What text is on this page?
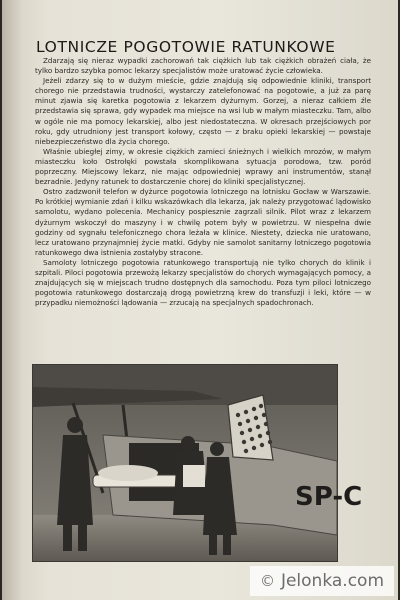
LOTNICZE POGOTOWIE RATUNKOWE

Zdarzają się nieraz wypadki zachorowań tak ciężkich lub tak ciężkich obrażeń ciała, że tylko bardzo szybka pomoc lekarzy specjalistów może uratować życie człowieka.

Jeżeli zdarzy się to w dużym mieście, gdzie znajdują się odpowiednie kliniki, transport chorego nie przedstawia trudności, wystarczy zatelefonować na pogotowie, a już za parę minut zjawia się karetka pogotowia z lekarzem dyżurnym. Gorzej, a nieraz całkiem źle przedstawia się sprawa, gdy wypadek ma miejsce na wsi lub w małym miasteczku. Tam, albo w ogóle nie ma pomocy lekarskiej, albo jest niedostateczna. W okresach przejściowych por roku, gdy utrudniony jest transport kołowy, często — z braku opieki lekarskiej — powstaje niebezpieczeństwo dla życia chorego.

Właśnie ubiegłej zimy, w okresie ciężkich zamieci śnieżnych i wielkich mrozów, w małym miasteczku koło Ostrołęki powstała skomplikowana sytuacja porodowa, tzw. poród poprzeczny. Miejscowy lekarz, nie mając odpowiedniej wprawy ani instrumentów, stanął bezradnie. Jedyny ratunek to dostarczenie chorej do kliniki specjalistycznej.

Ostro zadzwonił telefon w dyżurce pogotowia lotniczego na lotnisku Gocław w Warszawie. Po krótkiej wymianie zdań i kilku wskazówkach dla lekarza, jak należy przygotować lądowisko samolotu, wydano polecenia. Mechanicy pospiesznie zagrzali silnik. Pilot wraz z lekarzem dyżurnym wskoczył do maszyny i w chwilę potem były w powietrzu. W niespełna dwie godziny od sygnału telefonicznego chora leżała w klinice. Niestety, dziecka nie uratowano, lecz uratowano przynajmniej życie matki. Gdyby nie samolot sanitarny lotniczego pogotowia ratunkowego dwa istnienia zostałyby stracone.

Samoloty lotniczego pogotowia ratunkowego transportują nie tylko chorych do klinik i szpitali. Piloci pogotowia przewożą lekarzy specjalistów do chorych wymagających pomocy, a znajdujących się w miejscach trudno dostępnych dla samochodu. Poza tym piloci lotniczego pogotowia ratunkowego dostarczają drogą powietrzną krew do transfuzji i leki, które — w przypadku niemożności lądowania — zrzucają na specjalnych spadochronach.

SP-C
© Jelonka.com
